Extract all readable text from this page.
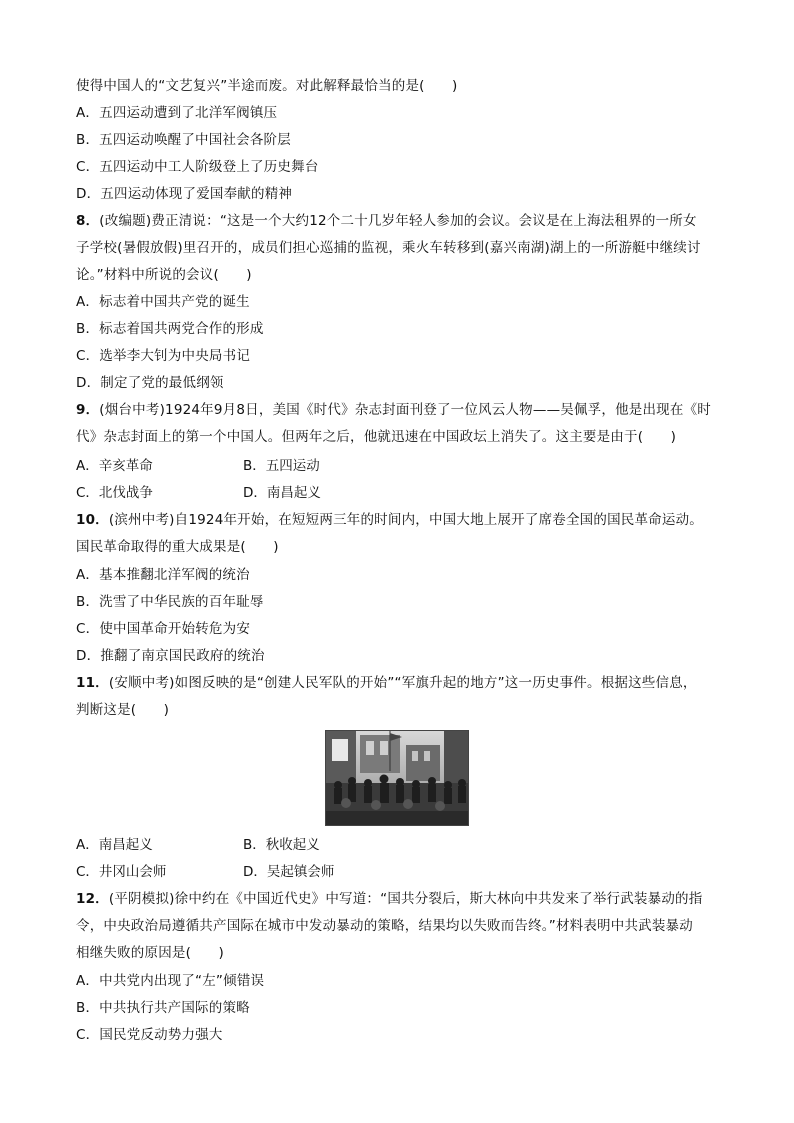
使得中国人的“文艺复兴”半途而废。对此解释最恰当的是(　　)
A．五四运动遭到了北洋军阀镇压
B．五四运动唤醒了中国社会各阶层
C．五四运动中工人阶级登上了历史舞台
D．五四运动体现了爱国奉献的精神
8．(改编题)费正清说：“这是一个大约12个二十几岁年轻人参加的会议。会议是在上海法租界的一所女
子学校(暑假放假)里召开的，成员们担心巡捕的监视，乘火车转移到(嘉兴南湖)湖上的一所游艇中继续讨
论。”材料中所说的会议(　　)
A．标志着中国共产党的诞生
B．标志着国共两党合作的形成
C．选举李大钊为中央局书记
D．制定了党的最低纲领
9．(烟台中考)1924年9月8日，美国《时代》杂志封面刊登了一位风云人物——吴佩孚，他是出现在《时
代》杂志封面上的第一个中国人。但两年之后，他就迅速在中国政坛上消失了。这主要是由于(　　)
A．辛亥革命	B．五四运动
C．北伐战争	D．南昌起义
10．(滨州中考)自1924年开始，在短短两三年的时间内，中国大地上展开了席卷全国的国民革命运动。
国民革命取得的重大成果是(　　)
A．基本推翻北洋军阀的统治
B．洗雪了中华民族的百年耻辱
C．使中国革命开始转危为安
D．推翻了南京国民政府的统治
11．(安顺中考)如图反映的是“创建人民军队的开始”“军旗升起的地方”这一历史事件。根据这些信息，
判断这是(　　)
A．南昌起义	B．秋收起义
C．井冈山会师	D．吴起镇会师
12．(平阴模拟)徐中约在《中国近代史》中写道：“国共分裂后，斯大林向中共发来了举行武装暴动的指
令，中央政治局遵循共产国际在城市中发动暴动的策略，结果均以失败而告终。”材料表明中共武装暴动
相继失败的原因是(　　)
A．中共党内出现了“左”倾错误
B．中共执行共产国际的策略
C．国民党反动势力强大
